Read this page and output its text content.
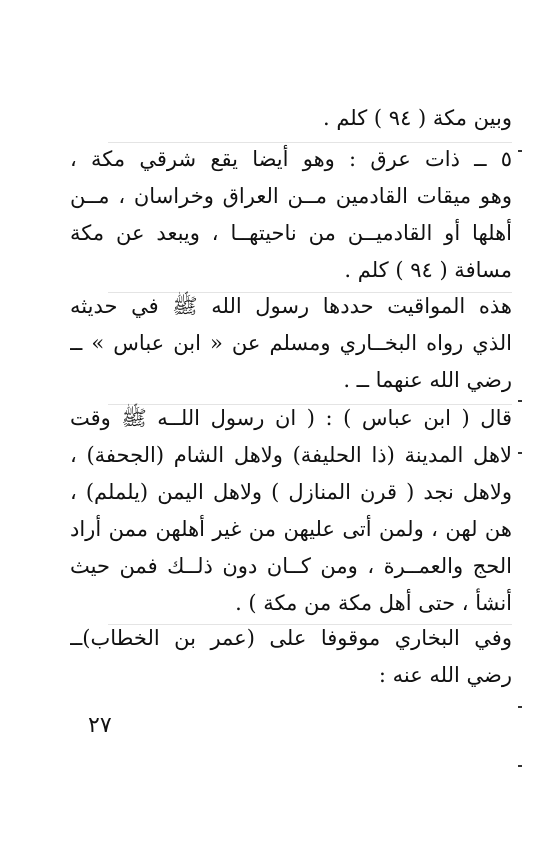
وبين مكة ( ٩٤ ) كلم .
٥ ــ ذات عرق : وهو أيضا يقع شرقي مكة ،
وهو ميقات القادمين مــن العراق وخراسان ، مــن
أهلها أو القادميــن من ناحيتهــا ، ويبعد عن مكة
مسافة ( ٩٤ ) كلم .
هذه المواقيت حددها رسول الله ﷺ في حديثه
الذي رواه البخــاري ومسلم عن « ابن عباس » ــ
رضي الله عنهما ــ .
قال ( ابن عباس ) : ( ان رسول اللــه ﷺ وقت
لاهل المدينة (ذا الحليفة) ولاهل الشام (الجحفة) ،
ولاهل نجد ( قرن المنازل ) ولاهل اليمن (يلملم) ،
هن لهن ، ولمن أتى عليهن من غير أهلهن ممن أراد
الحج والعمــرة ، ومن كــان دون ذلــك فمن حيث
أنشأ ، حتى أهل مكة من مكة ) .
وفي البخاري موقوفا على (عمر بن الخطاب)ــ
رضي الله عنه :
٢٧
